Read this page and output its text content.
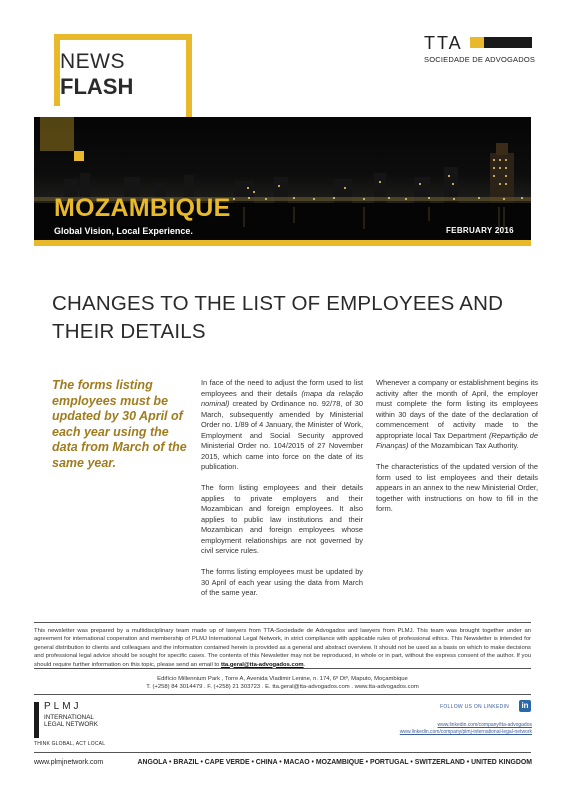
NEWS
FLASH
TTA
SOCIEDADE DE ADVOGADOS
MOZAMBIQUE
Global Vision, Local Experience.	FEBRUARY 2016
CHANGES TO THE LIST OF EMPLOYEES AND THEIR DETAILS
The forms listing employees must be updated by 30 April of each year using the data from March of the same year.

In face of the need to adjust the form used to list employees and their details (mapa da relação nominal) created by Ordinance no. 92/78, of 30 March, subsequently amended by Ministerial Order no. 1/89 of 4 January, the Minister of Work, Employment and Social Security approved Ministerial Order no. 104/2015 of 27 November 2015, which came into force on the date of its publication.

The form listing employees and their details applies to private employers and their Mozambican and foreign employees. It also applies to public law institutions and their Mozambican and foreign employees whose employment relationships are not governed by civil service rules.

The forms listing employees must be updated by 30 April of each year using the data from March of the same year.

Whenever a company or establishment begins its activity after the month of April, the employer must complete the form listing its employees within 30 days of the date of the declaration of commencement of activity made to the appropriate local Tax Department (Repartição de Finanças) of the Mozambican Tax Authority.

The characteristics of the updated version of the form used to list employees and their details appears in an annex to the new Ministerial Order, together with instructions on how to fill in the form.

This newsletter was prepared by a multidisciplinary team made up of lawyers from TTA-Sociedade de Advogados and lawyers from PLMJ. This team was brought together under an agreement for international cooperation and membership of PLMJ International Legal Network, in strict compliance with applicable rules of professional ethics. This Newsletter is intended for general distribution to clients and colleagues and the information contained herein is provided as a general and abstract overview. It should not be used as a basis on which to make decisions and professional legal advice should be sought for specific cases. The contents of this Newsletter may not be reproduced, in whole or in part, without the express consent of the author. If you should require further information on this topic, please send an email to tta.geral@tta-advogados.com.
Edifício Millennium Park , Torre A, Avenida Vladimir Lenine, n. 174, 6º Dtº, Maputo, Moçambique
T. (+258) 84 3014479 . F. (+258) 21 303723 . E. tta.geral@tta-advogados.com . www.tta-advogados.com
PLMJ
INTERNATIONAL
LEGAL NETWORK
THINK GLOBAL, ACT LOCAL
FOLLOW US ON LINKEDIN	in
www.linkedin.com/company/tta-advogados
www.linkedin.com/company/plmj-international-legal-network
www.plmjnetwork.com	ANGOLA • BRAZIL • CAPE VERDE • CHINA • MACAO • MOZAMBIQUE • PORTUGAL • SWITZERLAND • UNITED KINGDOM
